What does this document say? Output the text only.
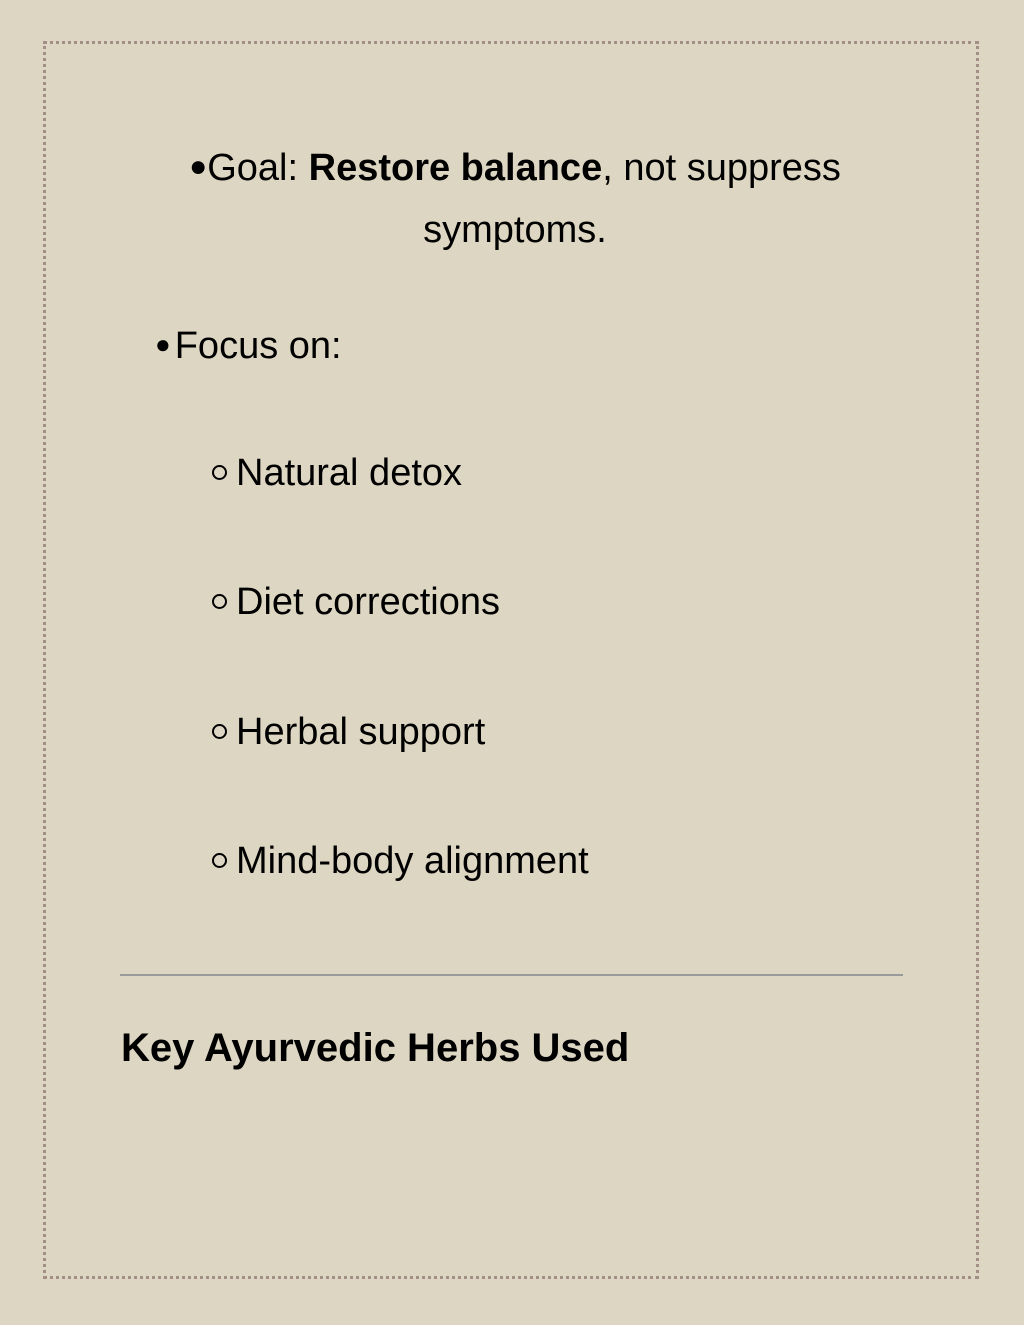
●Goal: Restore balance, not suppress symptoms.
● Focus on:
Natural detox
Diet corrections
Herbal support
Mind-body alignment
Key Ayurvedic Herbs Used
